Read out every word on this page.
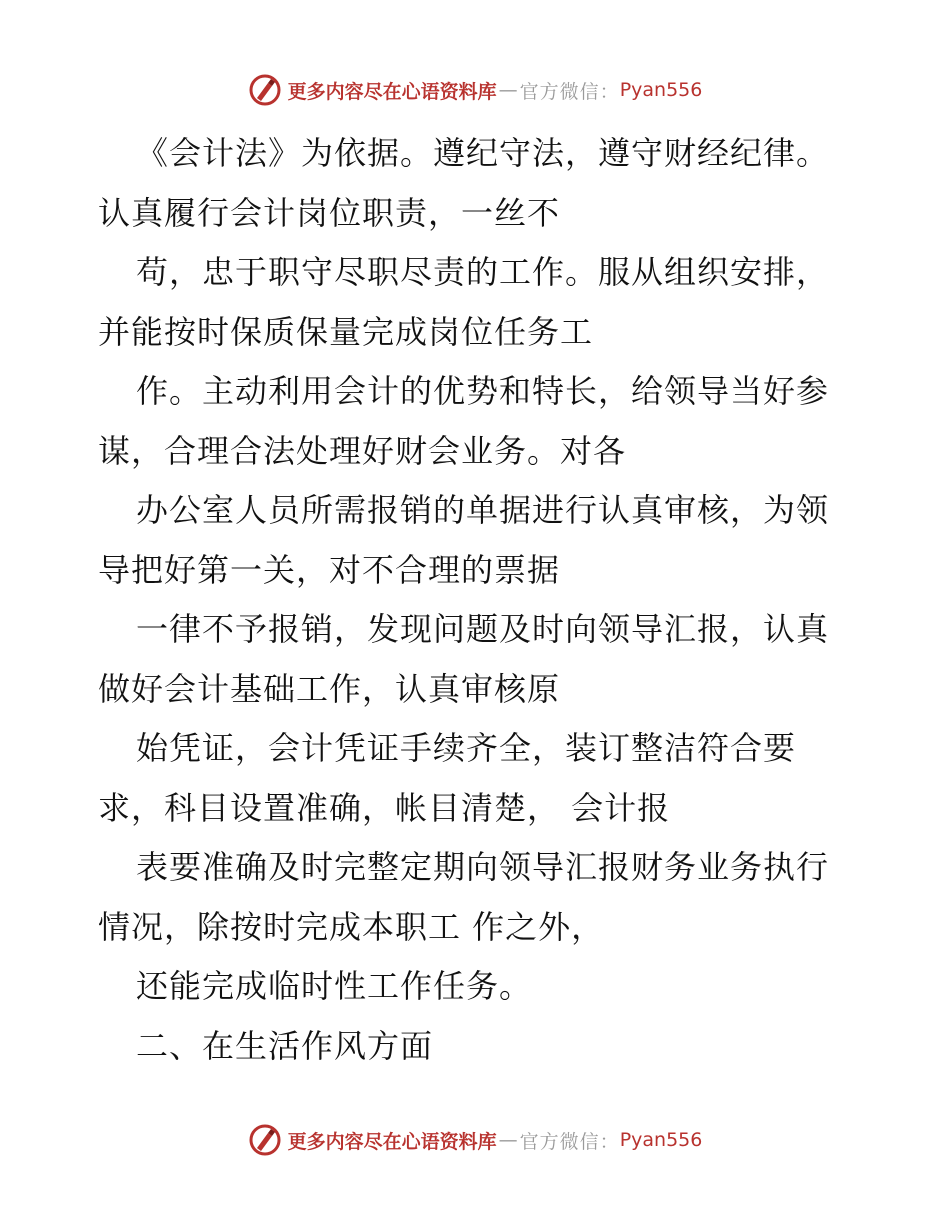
更多内容尽在心语资料库 — 官方微信： Pyan556
《会计法》为依据。遵纪守法，遵守财经纪律。
认真履行会计岗位职责，一丝不
苟，忠于职守尽职尽责的工作。服从组织安排，
并能按时保质保量完成岗位任务工
作。主动利用会计的优势和特长，给领导当好参
谋，合理合法处理好财会业务。对各
办公室人员所需报销的单据进行认真审核，为领
导把好第一关，对不合理的票据
一律不予报销，发现问题及时向领导汇报，认真
做好会计基础工作，认真审核原
始凭证，会计凭证手续齐全，装订整洁符合要
求，科目设置准确，帐目清楚， 会计报
表要准确及时完整定期向领导汇报财务业务执行
情况，除按时完成本职工 作之外，
还能完成临时性工作任务。
二、在生活作风方面
更多内容尽在心语资料库 — 官方微信： Pyan556
